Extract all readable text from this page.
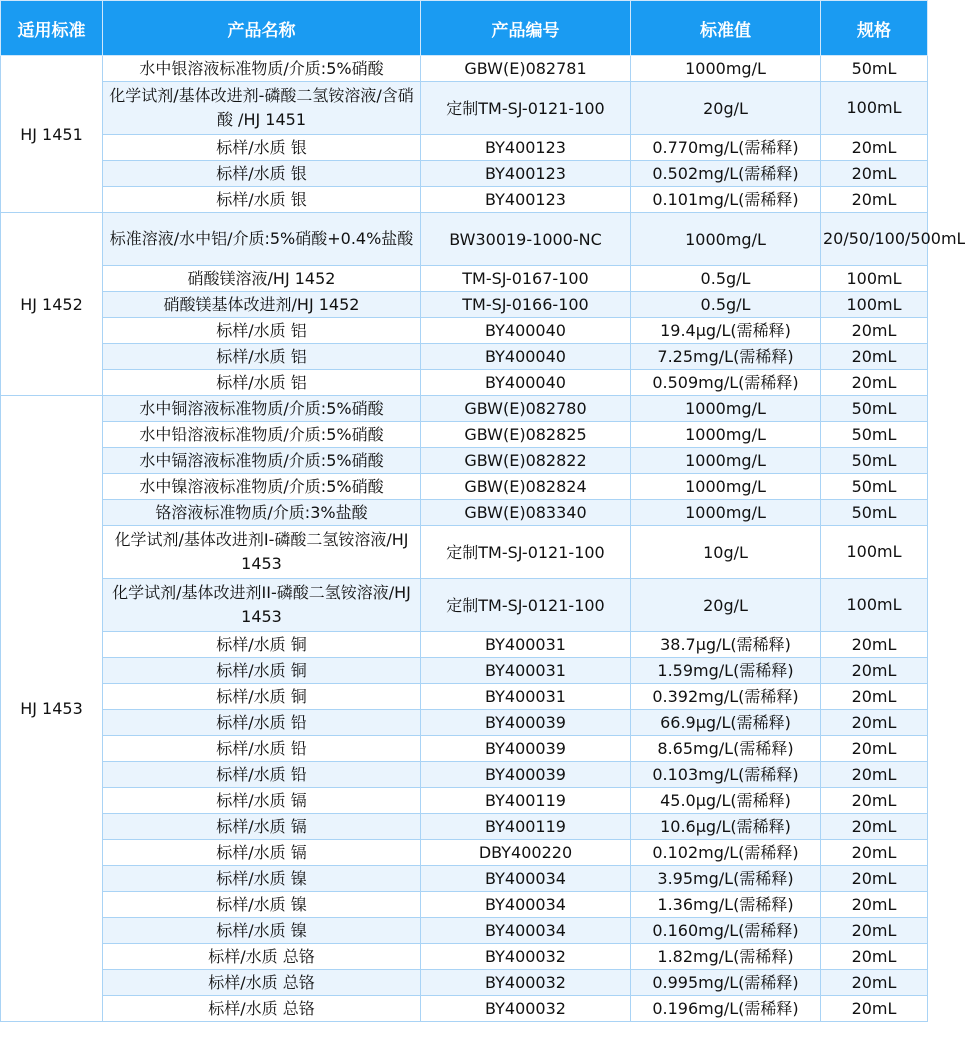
适用标准	产品名称	产品编号	标准值	规格
HJ 1451	水中银溶液标准物质/介质:5%硝酸	GBW(E)082781	1000mg/L	50mL
	化学试剂/基体改进剂-磷酸二氢铵溶液/含硝酸 /HJ 1451	定制TM-SJ-0121-100	20g/L	100mL
	标样/水质 银	BY400123	0.770mg/L(需稀释)	20mL
	标样/水质 银	BY400123	0.502mg/L(需稀释)	20mL
	标样/水质 银	BY400123	0.101mg/L(需稀释)	20mL
HJ 1452	标准溶液/水中铝/介质:5%硝酸+0.4%盐酸	BW30019-1000-NC	1000mg/L	20/50/100/500mL
	硝酸镁溶液/HJ 1452	TM-SJ-0167-100	0.5g/L	100mL
	硝酸镁基体改进剂/HJ 1452	TM-SJ-0166-100	0.5g/L	100mL
	标样/水质 铝	BY400040	19.4μg/L(需稀释)	20mL
	标样/水质 铝	BY400040	7.25mg/L(需稀释)	20mL
	标样/水质 铝	BY400040	0.509mg/L(需稀释)	20mL
HJ 1453	水中铜溶液标准物质/介质:5%硝酸	GBW(E)082780	1000mg/L	50mL
	水中铅溶液标准物质/介质:5%硝酸	GBW(E)082825	1000mg/L	50mL
	水中镉溶液标准物质/介质:5%硝酸	GBW(E)082822	1000mg/L	50mL
	水中镍溶液标准物质/介质:5%硝酸	GBW(E)082824	1000mg/L	50mL
	铬溶液标准物质/介质:3%盐酸	GBW(E)083340	1000mg/L	50mL
	化学试剂/基体改进剂I-磷酸二氢铵溶液/HJ 1453	定制TM-SJ-0121-100	10g/L	100mL
	化学试剂/基体改进剂II-磷酸二氢铵溶液/HJ 1453	定制TM-SJ-0121-100	20g/L	100mL
	标样/水质 铜	BY400031	38.7μg/L(需稀释)	20mL
	标样/水质 铜	BY400031	1.59mg/L(需稀释)	20mL
	标样/水质 铜	BY400031	0.392mg/L(需稀释)	20mL
	标样/水质 铅	BY400039	66.9μg/L(需稀释)	20mL
	标样/水质 铅	BY400039	8.65mg/L(需稀释)	20mL
	标样/水质 铅	BY400039	0.103mg/L(需稀释)	20mL
	标样/水质 镉	BY400119	45.0μg/L(需稀释)	20mL
	标样/水质 镉	BY400119	10.6μg/L(需稀释)	20mL
	标样/水质 镉	DBY400220	0.102mg/L(需稀释)	20mL
	标样/水质 镍	BY400034	3.95mg/L(需稀释)	20mL
	标样/水质 镍	BY400034	1.36mg/L(需稀释)	20mL
	标样/水质 镍	BY400034	0.160mg/L(需稀释)	20mL
	标样/水质 总铬	BY400032	1.82mg/L(需稀释)	20mL
	标样/水质 总铬	BY400032	0.995mg/L(需稀释)	20mL
	标样/水质 总铬	BY400032	0.196mg/L(需稀释)	20mL
